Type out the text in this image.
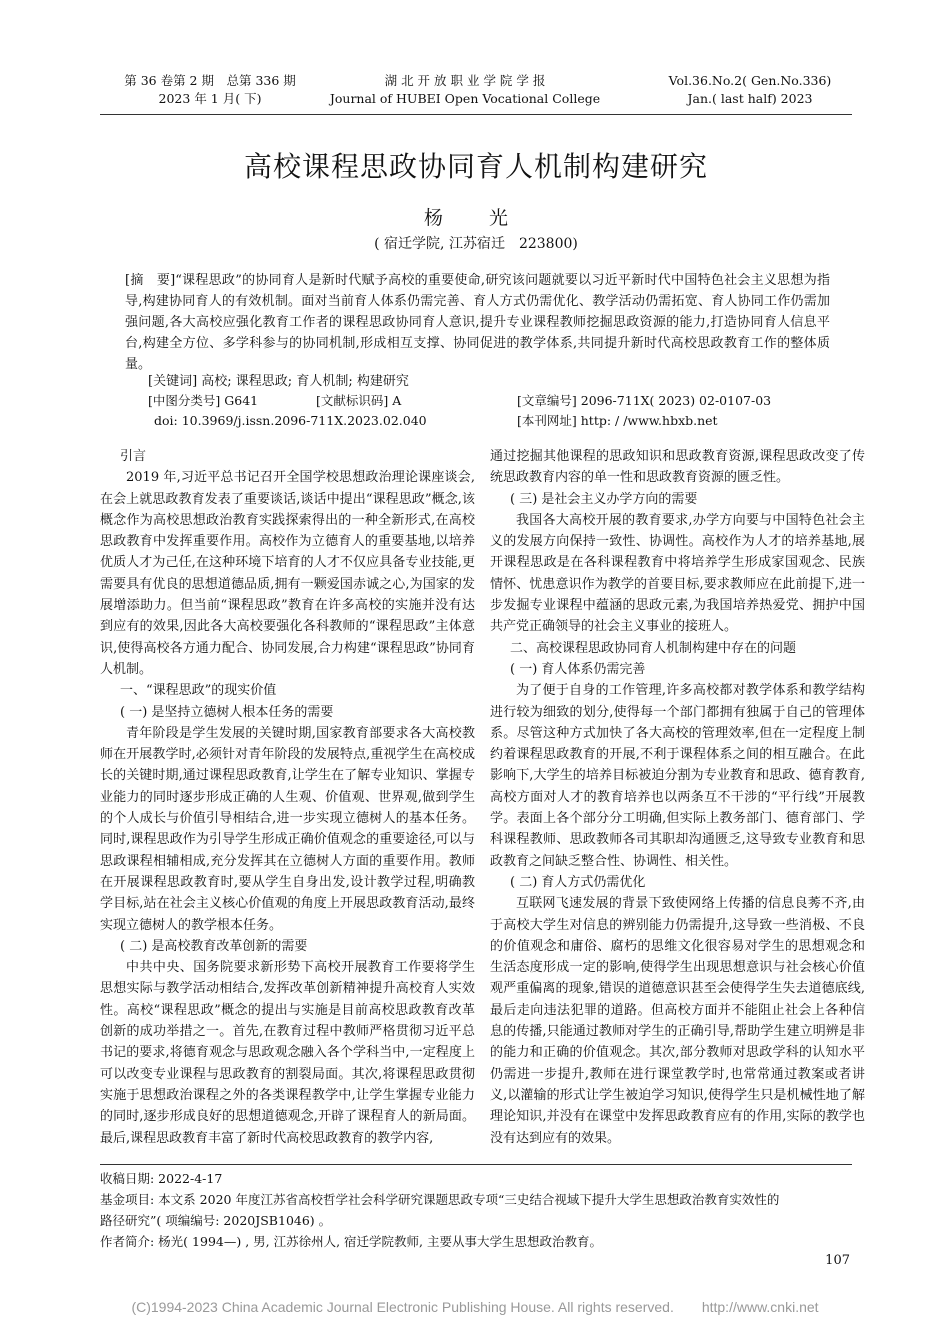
第 36 卷第 2 期　总第 336 期
2023 年 1 月( 下)
湖 北 开 放 职 业 学 院 学 报
Journal of HUBEI Open Vocational College
Vol.36.No.2( Gen.No.336)
Jan.( last half) 2023
高校课程思政协同育人机制构建研究
杨 光
( 宿迁学院, 江苏宿迁　223800)
[摘　要]“课程思政”的协同育人是新时代赋予高校的重要使命,研究该问题就要以习近平新时代中国特色社会主义思想为指导,构建协同育人的有效机制。面对当前育人体系仍需完善、育人方式仍需优化、教学活动仍需拓宽、育人协同工作仍需加强问题,各大高校应强化教育工作者的课程思政协同育人意识,提升专业课程教师挖掘思政资源的能力,打造协同育人信息平台,构建全方位、多学科参与的协同机制,形成相互支撑、协同促进的教学体系,共同提升新时代高校思政教育工作的整体质量。
[关键词] 高校; 课程思政; 育人机制; 构建研究
[中图分类号] G641	[文献标识码] A	[文章编号] 2096-711X( 2023) 02-0107-03
doi: 10.3969/j.issn.2096-711X.2023.02.040	[本刊网址] http: / /www.hbxb.net

引言

2019 年,习近平总书记召开全国学校思想政治理论课座谈会,在会上就思政教育发表了重要谈话,谈话中提出“课程思政”概念,该概念作为高校思想政治教育实践探索得出的一种全新形式,在高校思政教育中发挥重要作用。高校作为立德育人的重要基地,以培养优质人才为己任,在这种环境下培育的人才不仅应具备专业技能,更需要具有优良的思想道德品质,拥有一颗爱国赤诚之心,为国家的发展增添助力。但当前“课程思政”教育在许多高校的实施并没有达到应有的效果,因此各大高校要强化各科教师的“课程思政”主体意识,使得高校各方通力配合、协同发展,合力构建“课程思政”协同育人机制。

一、“课程思政”的现实价值

( 一) 是坚持立德树人根本任务的需要

青年阶段是学生发展的关键时期,国家教育部要求各大高校教师在开展教学时,必须针对青年阶段的发展特点,重视学生在高校成长的关键时期,通过课程思政教育,让学生在了解专业知识、掌握专业能力的同时逐步形成正确的人生观、价值观、世界观,做到学生的个人成长与价值引导相结合,进一步实现立德树人的基本任务。同时,课程思政作为引导学生形成正确价值观念的重要途径,可以与思政课程相辅相成,充分发挥其在立德树人方面的重要作用。教师在开展课程思政教育时,要从学生自身出发,设计教学过程,明确教学目标,站在社会主义核心价值观的角度上开展思政教育活动,最终实现立德树人的教学根本任务。

( 二) 是高校教育改革创新的需要

中共中央、国务院要求新形势下高校开展教育工作要将学生思想实际与教学活动相结合,发挥改革创新精神提升高校育人实效性。高校“课程思政”概念的提出与实施是目前高校思政教育改革创新的成功举措之一。首先,在教育过程中教师严格贯彻习近平总书记的要求,将德育观念与思政观念融入各个学科当中,一定程度上可以改变专业课程与思政教育的割裂局面。其次,将课程思政贯彻实施于思想政治课程之外的各类课程教学中,让学生掌握专业能力的同时,逐步形成良好的思想道德观念,开辟了课程育人的新局面。最后,课程思政教育丰富了新时代高校思政教育的教学内容,

通过挖掘其他课程的思政知识和思政教育资源,课程思政改变了传统思政教育内容的单一性和思政教育资源的匮乏性。

( 三) 是社会主义办学方向的需要

我国各大高校开展的教育要求,办学方向要与中国特色社会主义的发展方向保持一致性、协调性。高校作为人才的培养基地,展开课程思政是在各科课程教育中将培养学生形成家国观念、民族情怀、忧患意识作为教学的首要目标,要求教师应在此前提下,进一步发掘专业课程中蕴涵的思政元素,为我国培养热爱党、拥护中国共产党正确领导的社会主义事业的接班人。

二、高校课程思政协同育人机制构建中存在的问题

( 一) 育人体系仍需完善

为了便于自身的工作管理,许多高校都对教学体系和教学结构进行较为细致的划分,使得每一个部门都拥有独属于自己的管理体系。尽管这种方式加快了各大高校的管理效率,但在一定程度上制约着课程思政教育的开展,不利于课程体系之间的相互融合。在此影响下,大学生的培养目标被迫分割为专业教育和思政、德育教育,高校方面对人才的教育培养也以两条互不干涉的“平行线”开展教学。表面上各个部分分工明确,但实际上教务部门、德育部门、学科课程教师、思政教师各司其职却沟通匮乏,这导致专业教育和思政教育之间缺乏整合性、协调性、相关性。

( 二) 育人方式仍需优化

互联网飞速发展的背景下致使网络上传播的信息良莠不齐,由于高校大学生对信息的辨别能力仍需提升,这导致一些消极、不良的价值观念和庸俗、腐朽的思维文化很容易对学生的思想观念和生活态度形成一定的影响,使得学生出现思想意识与社会核心价值观严重偏离的现象,错误的道德意识甚至会使得学生失去道德底线,最后走向违法犯罪的道路。但高校方面并不能阻止社会上各种信息的传播,只能通过教师对学生的正确引导,帮助学生建立明辨是非的能力和正确的价值观念。其次,部分教师对思政学科的认知水平仍需进一步提升,教师在进行课堂教学时,也常常通过教案或者讲义,以灌输的形式让学生被迫学习知识,使得学生只是机械性地了解理论知识,并没有在课堂中发挥思政教育应有的作用,实际的教学也没有达到应有的效果。

收稿日期: 2022-4-17

基金项目: 本文系 2020 年度江苏省高校哲学社会科学研究课题思政专项“三史结合视域下提升大学生思想政治教育实效性的

路径研究”( 项编编号: 2020JSB1046) 。

作者简介: 杨光( 1994—) , 男, 江苏徐州人, 宿迁学院教师, 主要从事大学生思想政治教育。

107
(C)1994-2023 China Academic Journal Electronic Publishing House. All rights reserved.　　http://www.cnki.net
